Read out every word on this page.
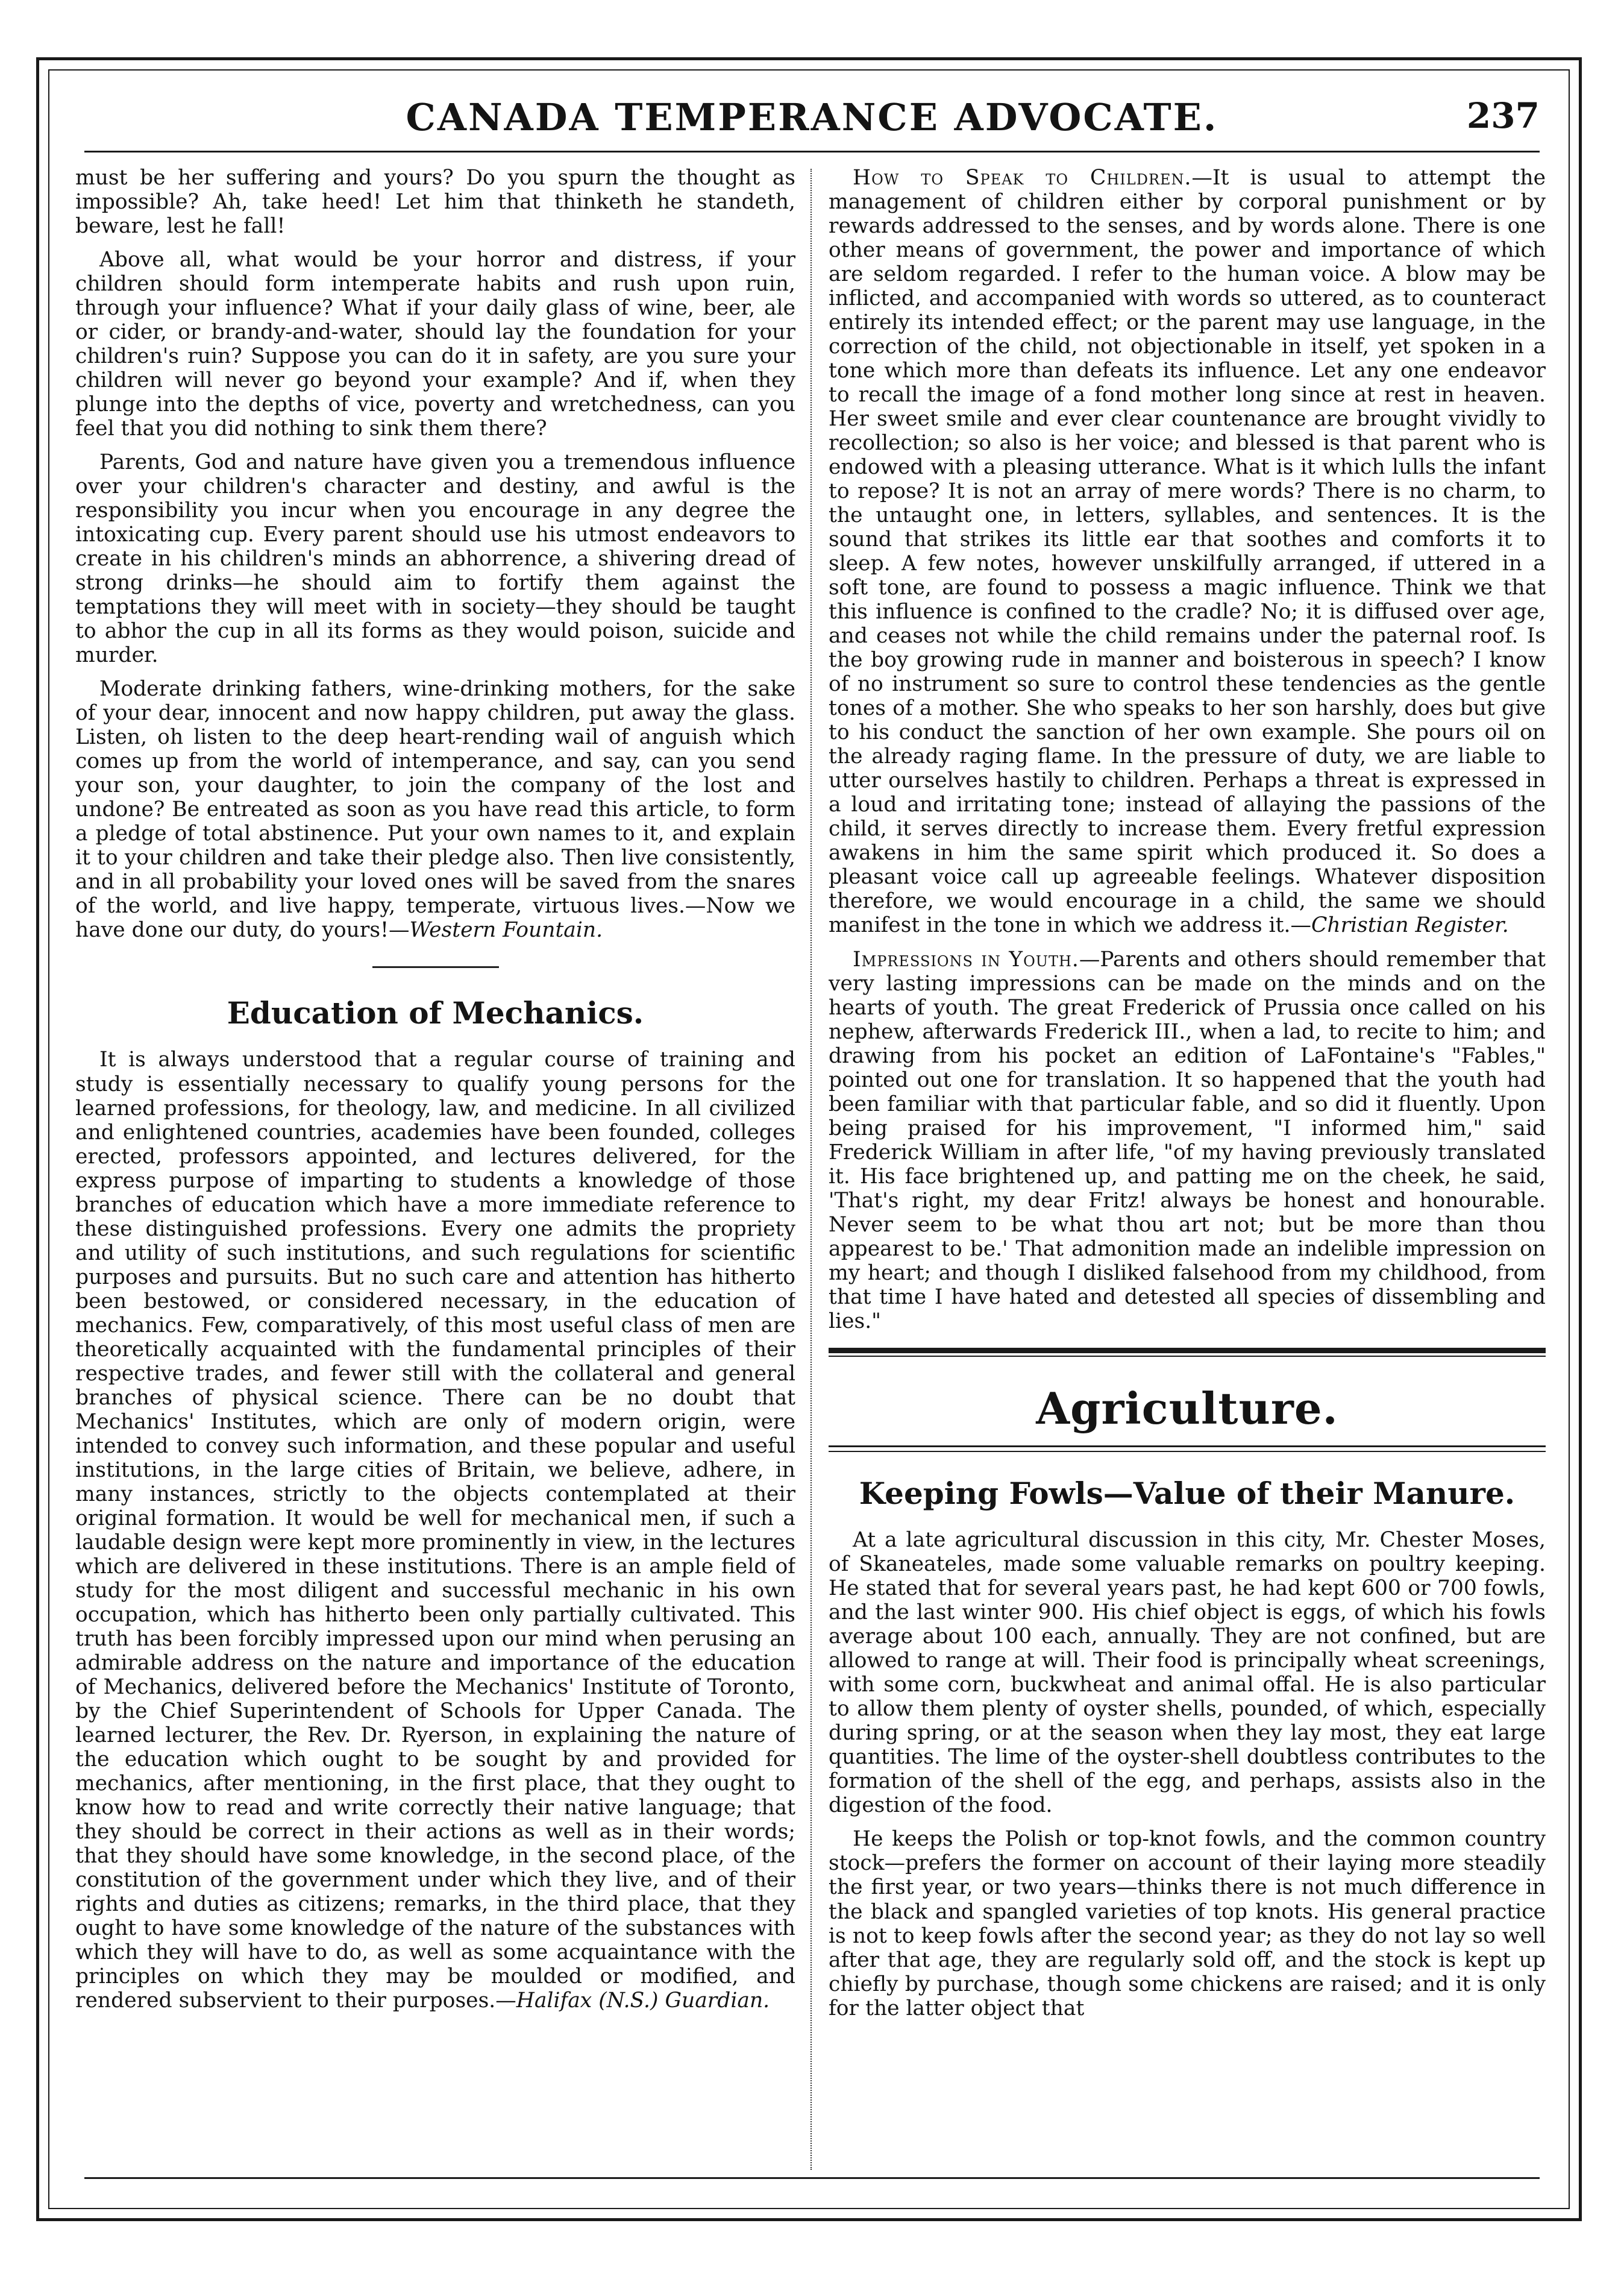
CANADA TEMPERANCE ADVOCATE.	237

must be her suffering and yours? Do you spurn the thought as impossible? Ah, take heed! Let him that thinketh he standeth, beware, lest he fall!

Above all, what would be your horror and distress, if your children should form intemperate habits and rush upon ruin, through your influence? What if your daily glass of wine, beer, ale or cider, or brandy-and-water, should lay the foundation for your children's ruin? Suppose you can do it in safety, are you sure your children will never go beyond your example? And if, when they plunge into the depths of vice, poverty and wretchedness, can you feel that you did nothing to sink them there?

Parents, God and nature have given you a tremendous influence over your children's character and destiny, and awful is the responsibility you incur when you encourage in any degree the intoxicating cup. Every parent should use his utmost endeavors to create in his children's minds an abhorrence, a shivering dread of strong drinks—he should aim to fortify them against the temptations they will meet with in society—they should be taught to abhor the cup in all its forms as they would poison, suicide and murder.

Moderate drinking fathers, wine-drinking mothers, for the sake of your dear, innocent and now happy children, put away the glass. Listen, oh listen to the deep heart-rending wail of anguish which comes up from the world of intemperance, and say, can you send your son, your daughter, to join the company of the lost and undone? Be entreated as soon as you have read this article, to form a pledge of total abstinence. Put your own names to it, and explain it to your children and take their pledge also. Then live consistently, and in all probability your loved ones will be saved from the snares of the world, and live happy, temperate, virtuous lives.—Now we have done our duty, do yours!—Western Fountain.

Education of Mechanics.

It is always understood that a regular course of training and study is essentially necessary to qualify young persons for the learned professions, for theology, law, and medicine. In all civilized and enlightened countries, academies have been founded, colleges erected, professors appointed, and lectures delivered, for the express purpose of imparting to students a knowledge of those branches of education which have a more immediate reference to these distinguished professions. Every one admits the propriety and utility of such institutions, and such regulations for scientific purposes and pursuits. But no such care and attention has hitherto been bestowed, or considered necessary, in the education of mechanics. Few, comparatively, of this most useful class of men are theoretically acquainted with the fundamental principles of their respective trades, and fewer still with the collateral and general branches of physical science. There can be no doubt that Mechanics' Institutes, which are only of modern origin, were intended to convey such information, and these popular and useful institutions, in the large cities of Britain, we believe, adhere, in many instances, strictly to the objects contemplated at their original formation. It would be well for mechanical men, if such a laudable design were kept more prominently in view, in the lectures which are delivered in these institutions. There is an ample field of study for the most diligent and successful mechanic in his own occupation, which has hitherto been only partially cultivated. This truth has been forcibly impressed upon our mind when perusing an admirable address on the nature and importance of the education of Mechanics, delivered before the Mechanics' Institute of Toronto, by the Chief Superintendent of Schools for Upper Canada. The learned lecturer, the Rev. Dr. Ryerson, in explaining the nature of the education which ought to be sought by and provided for mechanics, after mentioning, in the first place, that they ought to know how to read and write correctly their native language; that they should be correct in their actions as well as in their words; that they should have some knowledge, in the second place, of the constitution of the government under which they live, and of their rights and duties as citizens; remarks, in the third place, that they ought to have some knowledge of the nature of the substances with which they will have to do, as well as some acquaintance with the principles on which they may be moulded or modified, and rendered subservient to their purposes.—Halifax (N.S.) Guardian.

How to Speak to Children.—It is usual to attempt the management of children either by corporal punishment or by rewards addressed to the senses, and by words alone. There is one other means of government, the power and importance of which are seldom regarded. I refer to the human voice. A blow may be inflicted, and accompanied with words so uttered, as to counteract entirely its intended effect; or the parent may use language, in the correction of the child, not objectionable in itself, yet spoken in a tone which more than defeats its influence. Let any one endeavor to recall the image of a fond mother long since at rest in heaven. Her sweet smile and ever clear countenance are brought vividly to recollection; so also is her voice; and blessed is that parent who is endowed with a pleasing utterance. What is it which lulls the infant to repose? It is not an array of mere words? There is no charm, to the untaught one, in letters, syllables, and sentences. It is the sound that strikes its little ear that soothes and comforts it to sleep. A few notes, however unskilfully arranged, if uttered in a soft tone, are found to possess a magic influence. Think we that this influence is confined to the cradle? No; it is diffused over age, and ceases not while the child remains under the paternal roof. Is the boy growing rude in manner and boisterous in speech? I know of no instrument so sure to control these tendencies as the gentle tones of a mother. She who speaks to her son harshly, does but give to his conduct the sanction of her own example. She pours oil on the already raging flame. In the pressure of duty, we are liable to utter ourselves hastily to children. Perhaps a threat is expressed in a loud and irritating tone; instead of allaying the passions of the child, it serves directly to increase them. Every fretful expression awakens in him the same spirit which produced it. So does a pleasant voice call up agreeable feelings. Whatever disposition therefore, we would encourage in a child, the same we should manifest in the tone in which we address it.—Christian Register.

Impressions in Youth.—Parents and others should remember that very lasting impressions can be made on the minds and on the hearts of youth. The great Frederick of Prussia once called on his nephew, afterwards Frederick III., when a lad, to recite to him; and drawing from his pocket an edition of LaFontaine's "Fables," pointed out one for translation. It so happened that the youth had been familiar with that particular fable, and so did it fluently. Upon being praised for his improvement, "I informed him," said Frederick William in after life, "of my having previously translated it. His face brightened up, and patting me on the cheek, he said, 'That's right, my dear Fritz! always be honest and honourable. Never seem to be what thou art not; but be more than thou appearest to be.' That admonition made an indelible impression on my heart; and though I disliked falsehood from my childhood, from that time I have hated and detested all species of dissembling and lies."

Agriculture.
Keeping Fowls—Value of their Manure.

At a late agricultural discussion in this city, Mr. Chester Moses, of Skaneateles, made some valuable remarks on poultry keeping. He stated that for several years past, he had kept 600 or 700 fowls, and the last winter 900. His chief object is eggs, of which his fowls average about 100 each, annually. They are not confined, but are allowed to range at will. Their food is principally wheat screenings, with some corn, buckwheat and animal offal. He is also particular to allow them plenty of oyster shells, pounded, of which, especially during spring, or at the season when they lay most, they eat large quantities. The lime of the oyster-shell doubtless contributes to the formation of the shell of the egg, and perhaps, assists also in the digestion of the food.

He keeps the Polish or top-knot fowls, and the common country stock—prefers the former on account of their laying more steadily the first year, or two years—thinks there is not much difference in the black and spangled varieties of top knots. His general practice is not to keep fowls after the second year; as they do not lay so well after that age, they are regularly sold off, and the stock is kept up chiefly by purchase, though some chickens are raised; and it is only for the latter object that
